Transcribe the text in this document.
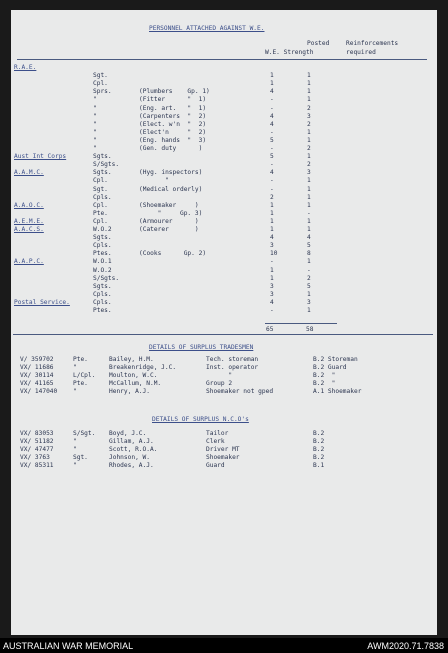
PERSONNEL ATTACHED AGAINST W.E.
Posted	Reinforcements
W.E. Strength	required
R.A.E.
Sgt.	1	1
Cpl.	1	1
Sprs.	(Plumbers    Gp. 1)	4	1
"	(Fitter      "  1)	-	1
"	(Eng. art.   "  1)	-	2
"	(Carpenters  "  2)	4	3
"	(Elect. w'n  "  2)	4	2
"	(Elect'n     "  2)	-	1
"	(Eng. hands  "  3)	5	1
"	(Gen. duty      )	-	2
Aust Int Corps	Sgts.	5	1
S/Sgts.	-	2
A.A.M.C.	Sgts.	(Hyg. inspectors)	4	3
Cpl.	"	-	1
Sgt.	(Medical orderly)	-	1
Cpls.	2	1
A.A.O.C.	Cpl.	(Shoemaker     )	1	1
Pte.	"     Gp. 3)	1	-
A.E.M.E.	Cpl.	(Armourer      )	1	1
A.A.C.S.	W.O.2	(Caterer       )	1	1
Sgts.	4	4
Cpls.	3	5
Ptes.	(Cooks      Gp. 2)	10	8
A.A.P.C.	W.O.1	-	1
W.O.2	1	-
S/Sgts.	1	2
Sgts.	3	5
Cpls.	3	1
Postal Service.	Cpls.	4	3
Ptes.	-	1
65	58
DETAILS OF SURPLUS TRADESMEN
V/ 359702	Pte.	Bailey, H.M.	Tech. storeman	B.2 Storeman
VX/ 11686	"	Breakenridge, J.C.	Inst. operator	B.2 Guard
VX/ 30114	L/Cpl. Moulton, W.C.	"	B.2  "
VX/ 41165	Pte.	McCallum, N.M.	Group 2	B.2  "
VX/ 147040	"	Henry, A.J.	Shoemaker not gped	A.1 Shoemaker
DETAILS OF SURPLUS N.C.O's
VX/ 83053	S/Sgt. Boyd, J.C.	Tailor	B.2
VX/ 51182	"	Gillam, A.J.	Clerk	B.2
VX/ 47477	"	Scott, R.O.A.	Driver MT	B.2
VX/ 3763	Sgt.	Johnson, W.	Shoemaker	B.2
VX/ 85311	"	Rhodes, A.J.	Guard	B.1
AUSTRALIAN WAR MEMORIAL	AWM2020.71.7838
